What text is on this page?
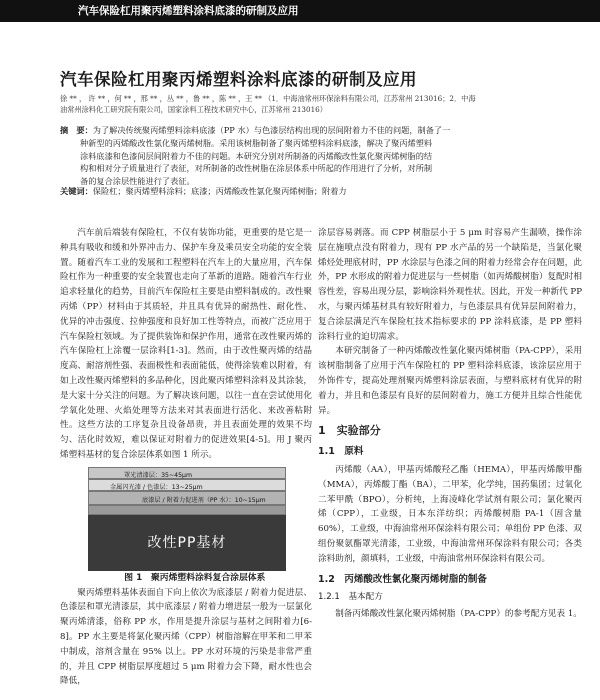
汽车保险杠用聚丙烯塑料涂料底漆的研制及应用
汽车保险杠用聚丙烯塑料涂料底漆的研制及应用
徐 ** ， 许 ** ，何 ** ，邢 ** ，丛 ** ，鲁 ** ，陈 ** ，王 ** （1．中海油常州环保涂料有限公司，江苏常州 213016；2．中海
油常州涂料化工研究院有限公司，国家涂料工程技术研究中心，江苏常州 213016）
摘　要：为了解决传统聚丙烯塑料涂料底漆（PP 水）与色漆层结构出现的层间附着力不佳的问题，制备了一
种新型的丙烯酸改性氯化聚丙烯树脂。采用该树脂制备了聚丙烯塑料涂料底漆，解决了聚丙烯塑料
涂料底漆和色漆间层间附着力不佳的问题。本研究分别对所制备的丙烯酸改性氯化聚丙烯树脂的结
构和相对分子质量进行了表征，对所制备的改性树脂在涂层体系中所起的作用进行了分析，对所制
备的复合涂层性能进行了表征。
关键词：保险杠；聚丙烯塑料涂料；底漆；丙烯酸改性氯化聚丙烯树脂；附着力

汽车前后端装有保险杠，不仅有装饰功能，更重要的是它是一种具有吸收和缓和外界冲击力、保护车身及乘员安全功能的安全装置。随着汽车工业的发展和工程塑料在汽车上的大量应用，汽车保险杠作为一种重要的安全装置也走向了革新的道路。随着汽车行业追求轻量化的趋势，目前汽车保险杠主要是由塑料制成的。改性聚丙烯（PP）材料由于其质轻，并且具有优异的耐热性、耐化性、优异的冲击强度、拉伸强度和良好加工性等特点，而被广泛应用于汽车保险杠领域。为了提供装饰和保护作用，通常在改性聚丙烯的汽车保险杠上涂覆一层涂料[1-3]。然而，由于改性聚丙烯的结晶度高、耐溶剂性强、表面极性和表面能低，使得涂装难以附着，有如上改性聚丙烯塑料的多品种化，因此聚丙烯塑料涂料及其涂装，是大家十分关注的问题。为了解决该问题，以往一直在尝试使用化学氧化处理、火焰处理等方法来对其表面进行活化、来改善粘附性。这些方法的工序复杂且设备昂贵，并且表面处理的效果不均匀、活化时效短，难以保证对附着力的促进效果[4-5]。用 J 聚丙烯塑料基材的复合涂层体系如图 1 所示。

罩光清漆层：35~45μm
金属闪光漆 / 色漆层：13~25μm
底漆层 / 附着力促进剂（PP 水）：10~15μm
改性PP基材

图 1　聚丙烯塑料涂料复合涂层体系

聚丙烯塑料基体表面自下向上依次为底漆层 / 附着力促进层、色漆层和罩光清漆层，其中底漆层 / 附着力增进层一般为一层氯化聚丙烯清漆，俗称 PP 水，作用是提升涂层与基材之间附着力[6-8]。PP 水主要是将氯化聚丙烯（CPP）树脂溶解在甲苯和二甲苯中制成，溶剂含量在 95% 以上。PP 水对环境的污染是非常严重的，并且 CPP 树脂层厚度超过 5 μm 附着力会下降，耐水性也会降低，

涂层容易剥落。而 CPP 树脂层小于 5 μm 时容易产生漏喷，操作涂层在施喷点没有附着力，现有 PP 水产品的另一个缺陷是，当氯化聚烯烃处理底材时，PP 水涂层与色漆之间的附着力经常会存在问题，此外，PP 水形成的附着力促进层与一些树脂（如丙烯酸树脂）复配时相容性差，容易出现分层，影响涂料外观性状。因此，开发一种新代 PP 水，与聚丙烯基材具有较好附着力，与色漆层具有优异层间附着力，复合涂层满足汽车保险杠技术指标要求的 PP 涂料底漆，是 PP 塑料涂料行业的迫切需求。

本研究制备了一种丙烯酸改性氯化聚丙烯树脂（PA-CPP），采用该树脂制备了应用于汽车保险杠的 PP 塑料涂料底漆，该涂层应用于外饰件专，提高处理剂聚丙烯塑料涂层表面，与塑料底材有优异的附着力，并且和色漆层有良好的层间附着力，施工方便并且综合性能优异。

1　实验部分
1.1　原料

丙烯酸（AA），甲基丙烯酸羟乙酯（HEMA），甲基丙烯酸甲酯（MMA），丙烯酸丁酯（BA），二甲苯，化学纯，国药集团；过氧化二苯甲酰（BPO），分析纯，上海凌峰化学试剂有限公司；氯化聚丙烯（CPP），工业级，日本东洋纺织；丙烯酸树脂 PA-1（固含量 60%），工业级，中海油常州环保涂料有限公司；单组份 PP 色漆、双组份聚氨酯罩光清漆，工业级，中海油常州环保涂料有限公司；各类涂料助剂，颜填料，工业级，中海油常州环保涂料有限公司。

1.2　丙烯酸改性氯化聚丙烯树脂的制备
1.2.1　基本配方

制备丙烯酸改性氯化聚丙烯树脂（PA-CPP）的参考配方见表 1。
